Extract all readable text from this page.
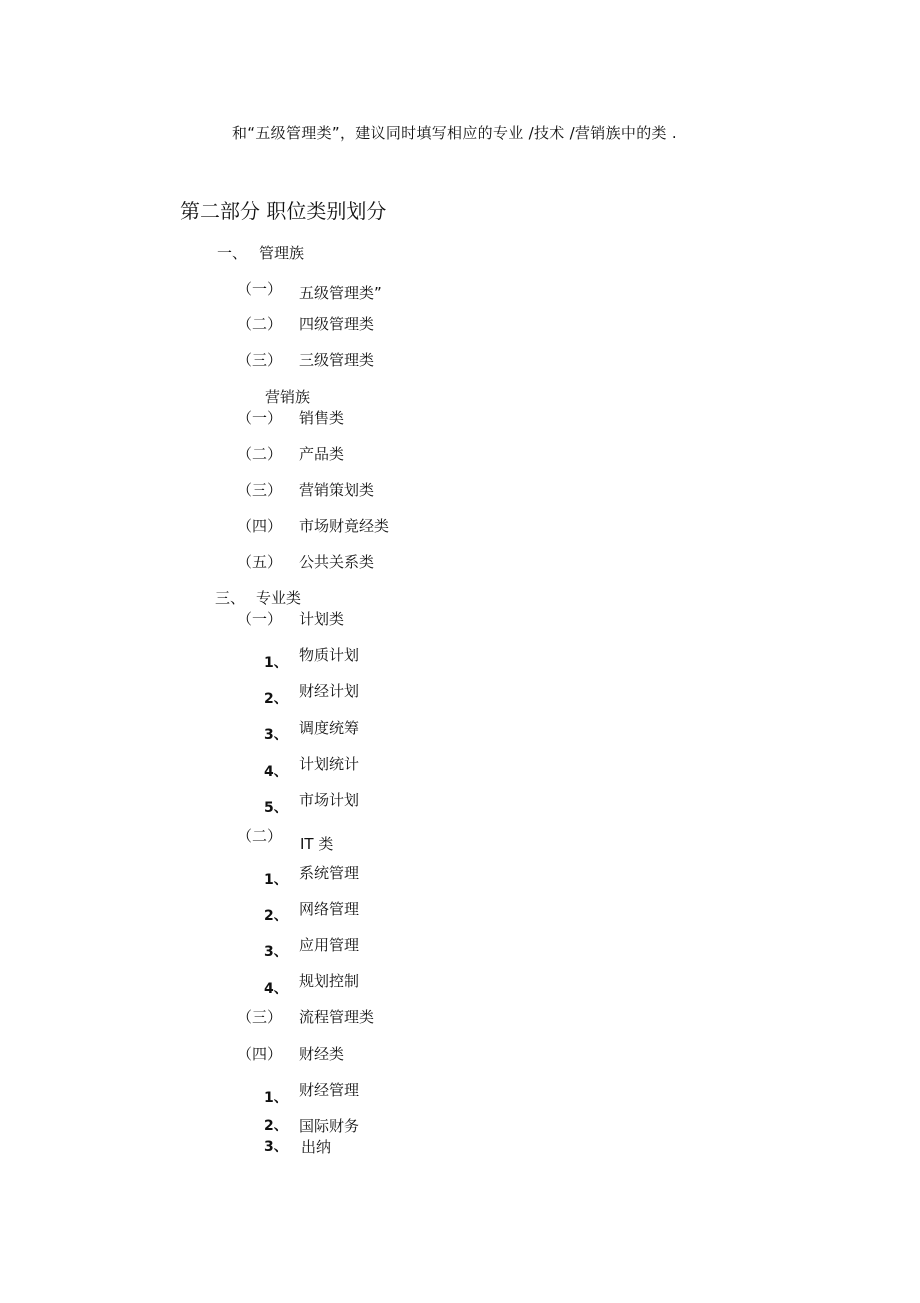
和“五级管理类”，建议同时填写相应的专业 /技术 /营销族中的类 .
第二部分 职位类别划分
一、 管理族
（一） 五级管理类”
（二） 四级管理类
（三） 三级管理类
营销族
（一） 销售类
（二） 产品类
（三） 营销策划类
（四） 市场财竟经类
（五） 公共关系类
三、 专业类
（一） 计划类
1、 物质计划
2、 财经计划
3、 调度统筹
4、 计划统计
5、 市场计划
（二） IT 类
1、 系统管理
2、 网络管理
3、 应用管理
4、 规划控制
（三） 流程管理类
（四） 财经类
1、 财经管理
2、 国际财务
3、 出纳
